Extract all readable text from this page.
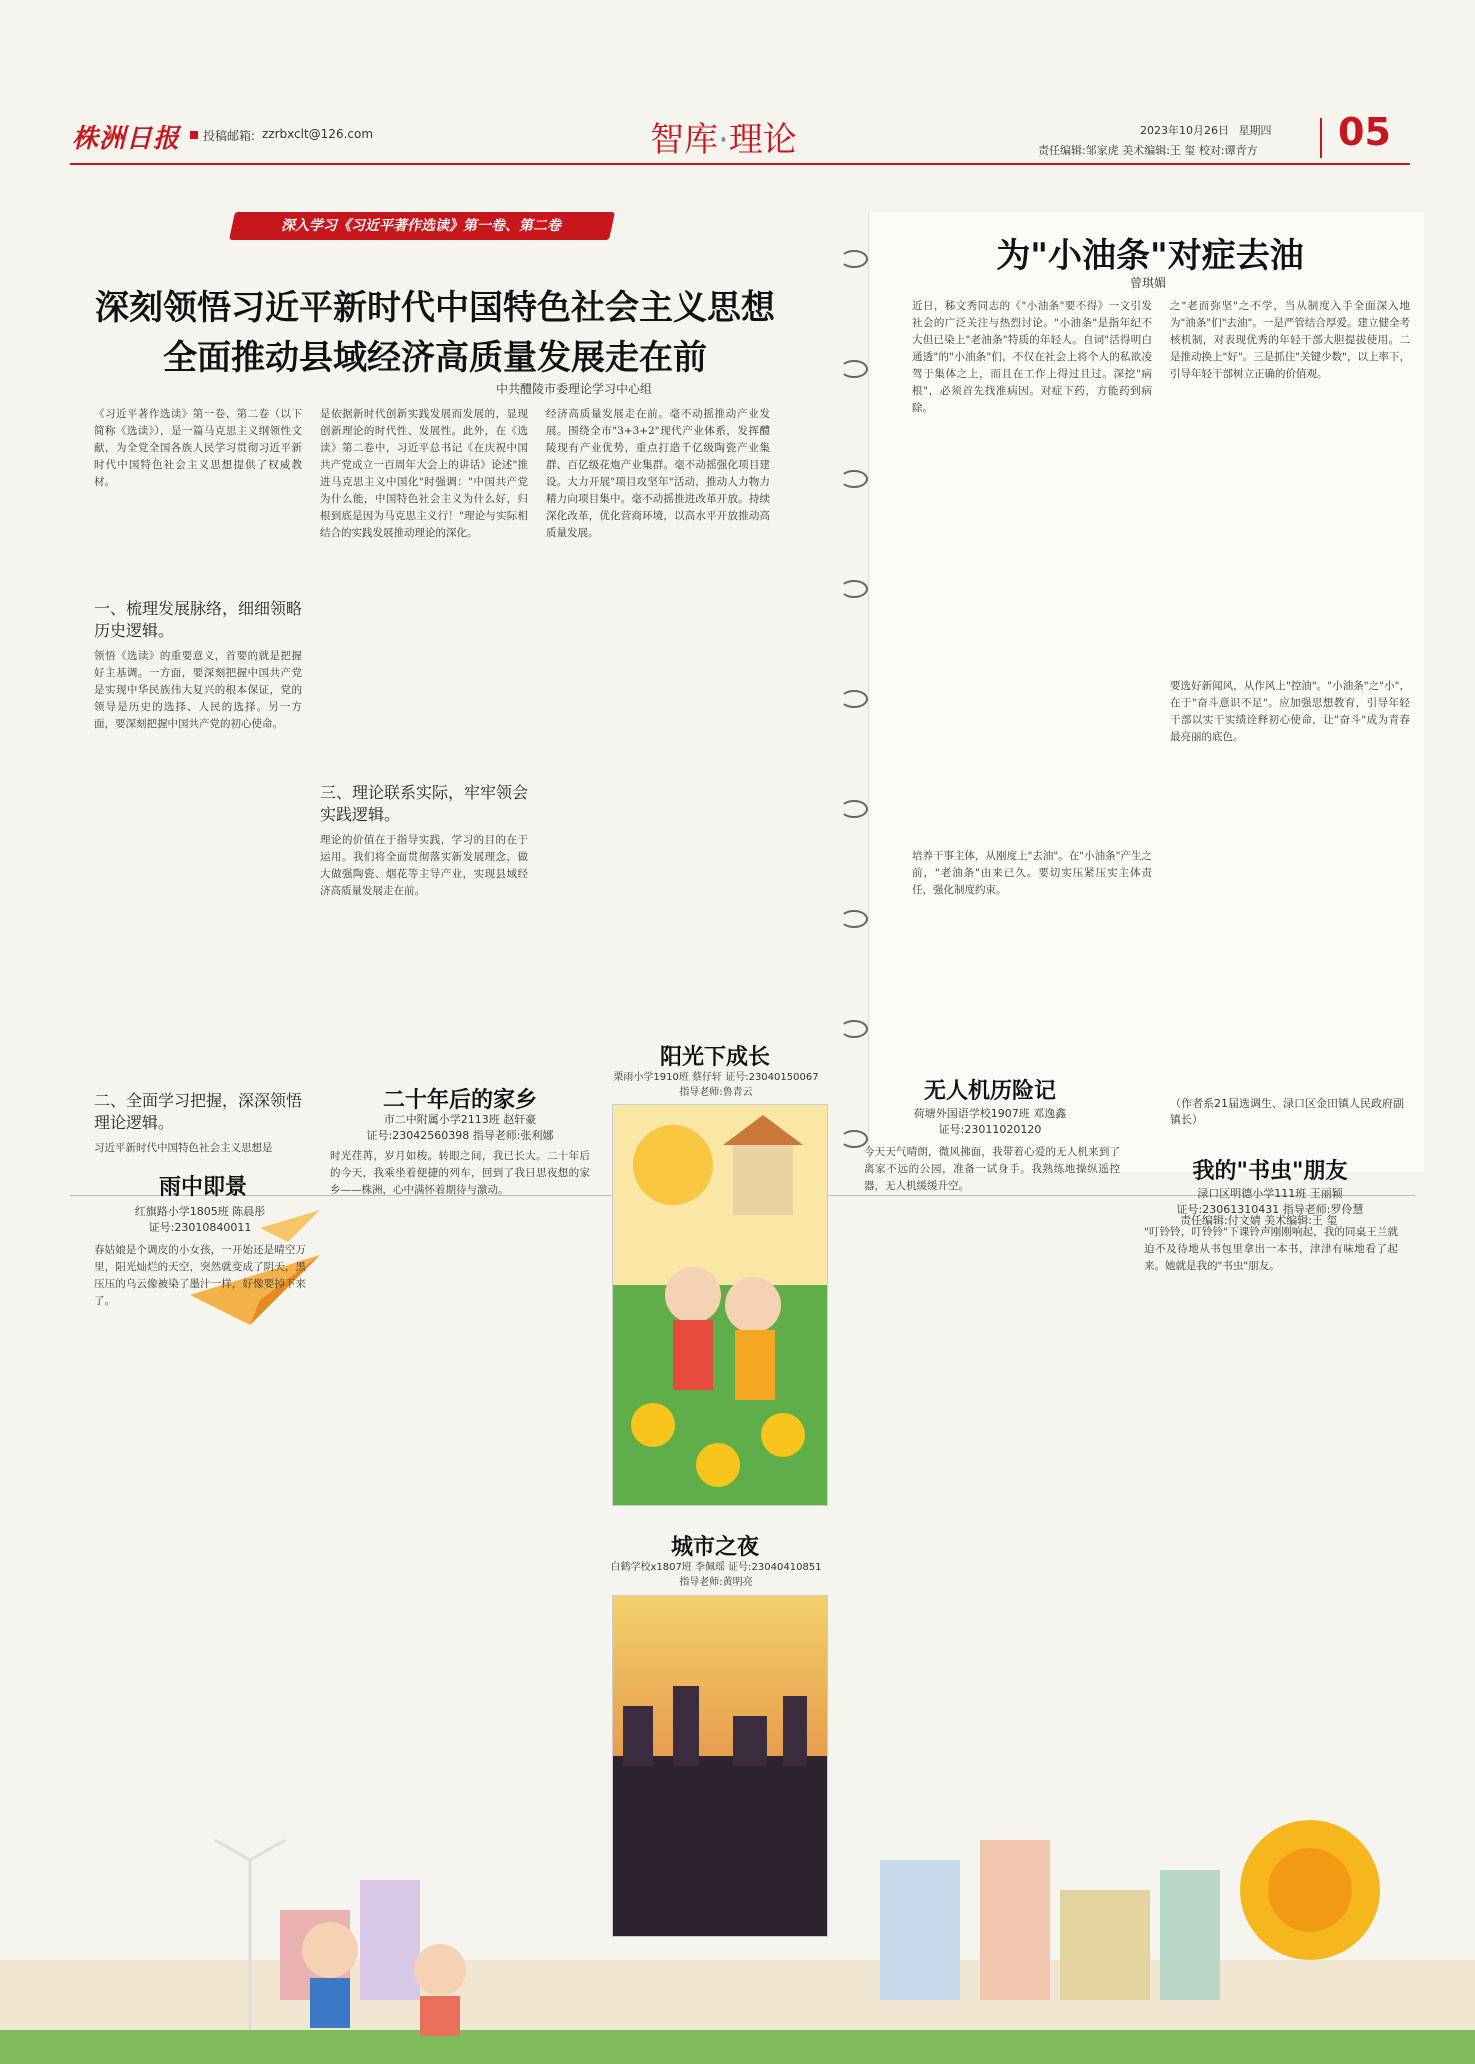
株洲日报 投稿邮箱: zzrbxclt@126.com	智库·理论	2023年10月26日 星期四
责任编辑:邹家虎 美术编辑:王 玺 校对:谭青方 05
深入学习《习近平著作选读》第一卷、第二卷
深刻领悟习近平新时代中国特色社会主义思想
全面推动县域经济高质量发展走在前
中共醴陵市委理论学习中心组
《习近平著作选读》第一卷、第二卷（以下简称《选读》），是一篇马克思主义纲领性文献，为全党全国各族人民学习贯彻习近平新时代中国特色社会主义思想提供了权威教材。
一、梳理发展脉络，细细领略历史逻辑。
领悟《选读》的重要意义，首要的就是把握好主基调。一方面，要深刻把握中国共产党是实现中华民族伟大复兴的根本保证，党的领导是历史的选择、人民的选择。另一方面，要深刻把握中国共产党的初心使命。
二、全面学习把握，深深领悟理论逻辑。
习近平新时代中国特色社会主义思想是
是依据新时代创新实践发展而发展的，显现创新理论的时代性、发展性。此外，在《选读》第二卷中，习近平总书记《在庆祝中国共产党成立一百周年大会上的讲话》论述"推进马克思主义中国化"时强调："中国共产党为什么能，中国特色社会主义为什么好，归根到底是因为马克思主义行！"理论与实际相结合的实践发展推动理论的深化。
三、理论联系实际，牢牢领会实践逻辑。
理论的价值在于指导实践，学习的目的在于运用。我们将全面贯彻落实新发展理念，做大做强陶瓷、烟花等主导产业，实现县域经济高质量发展走在前。
经济高质量发展走在前。毫不动摇推动产业发展。围绕全市"3+3+2"现代产业体系，发挥醴陵现有产业优势，重点打造千亿级陶瓷产业集群、百亿级花炮产业集群。毫不动摇强化项目建设。大力开展"项目攻坚年"活动，推动人力物力精力向项目集中。毫不动摇推进改革开放。持续深化改革，优化营商环境，以高水平开放推动高质量发展。
为"小油条"对症去油
曾琪媚
近日，秭文秀同志的《"小油条"要不得》一文引发社会的广泛关注与热烈讨论。"小油条"是指年纪不大但已染上"老油条"特质的年轻人。自词"活得明白通透"的"小油条"们，不仅在社会上将个人的私欲凌驾于集体之上，而且在工作上得过且过。深挖"病根"，必须首先找准病因。对症下药，方能药到病除。
培养干事主体，从刚度上"去油"。在"小油条"产生之前，"老油条"由来已久。要切实压紧压实主体责任，强化制度约束。
之"老而弥坚"之不学，当从制度入手全面深入地为"油条"们"去油"。一是严管结合厚爱。建立健全考核机制，对表现优秀的年轻干部大胆提拔使用。二是推动换上"好"。三是抓住"关键少数"，以上率下，引导年轻干部树立正确的价值观。
要选好新闻风，从作风上"控油"。"小油条"之"小"，在于"奋斗意识不足"。应加强思想教育，引导年轻干部以实干实绩诠释初心使命，让"奋斗"成为青春最亮丽的底色。
（作者系21届选调生、渌口区金田镇人民政府副镇长）
责任编辑:付文婧 美术编辑:王 玺
雨中即景
红旗路小学1805班 陈晨彤
证号:23010840011
春姑娘是个调皮的小女孩，一开始还是晴空万里，阳光灿烂的天空，突然就变成了阴天，黑压压的乌云像被染了墨汁一样，好像要掉下来了。
二十年后的家乡
市二中附属小学2113班 赵轩豪
证号:23042560398 指导老师:张利娜
时光荏苒，岁月如梭。转眼之间，我已长大。二十年后的今天，我乘坐着便捷的列车，回到了我日思夜想的家乡——株洲，心中满怀着期待与激动。
阳光下成长
栗雨小学1910班 蔡仔轩 证号:23040150067
指导老师:鲁青云
城市之夜
白鹤学校x1807班 李佩瑶 证号:23040410851
指导老师:黄明亮
无人机历险记
荷塘外国语学校1907班 邓逸鑫
证号:23011020120
今天天气晴朗，微风拂面，我带着心爱的无人机来到了离家不远的公园，准备一试身手。我熟练地操纵遥控器，无人机缓缓升空。
我的"书虫"朋友
渌口区明德小学111班 王丽颖
证号:23061310431 指导老师:罗伶慧
"叮铃铃，叮铃铃"下课铃声刚刚响起，我的同桌王兰就迫不及待地从书包里拿出一本书，津津有味地看了起来。她就是我的"书虫"朋友。
